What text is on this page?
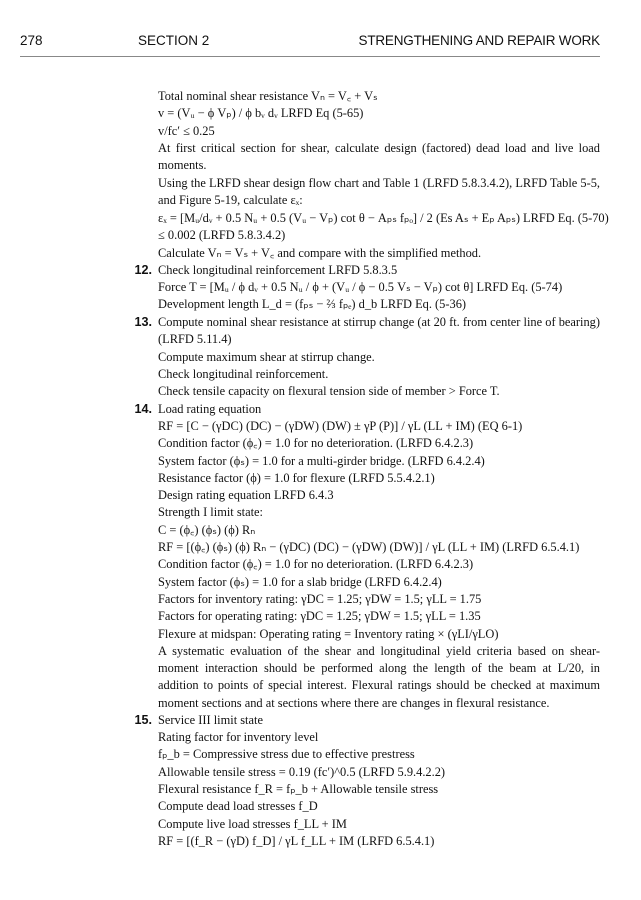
278	SECTION 2	STRENGTHENING AND REPAIR WORK
Total nominal shear resistance Vₙ = V꜀ + Vₛ
v = (Vᵤ − ϕ Vₚ) / ϕ bᵥ dᵥ LRFD Eq (5-65)
v/fc′ ≤ 0.25
At first critical section for shear, calculate design (factored) dead load and live load moments.
Using the LRFD shear design flow chart and Table 1 (LRFD 5.8.3.4.2), LRFD Table 5-5, and Figure 5-19, calculate εₓ:
εₓ = [Mᵤ/dᵥ + 0.5 Nᵤ + 0.5 (Vᵤ − Vₚ) cot θ − Aₚₛ fₚₒ] / 2 (Es Aₛ + Eₚ Aₚₛ) LRFD Eq. (5-70)
≤ 0.002 (LRFD 5.8.3.4.2)
Calculate Vₙ = Vₛ + V꜀ and compare with the simplified method.
12. Check longitudinal reinforcement LRFD 5.8.3.5
Force T = [Mᵤ / ϕ dᵥ + 0.5 Nᵤ / ϕ + (Vᵤ / ϕ − 0.5 Vₛ − Vₚ) cot θ] LRFD Eq. (5-74)
Development length L_d = (fₚₛ − ⅔ fₚₑ) d_b LRFD Eq. (5-36)
13. Compute nominal shear resistance at stirrup change (at 20 ft. from center line of bearing) (LRFD 5.11.4)
Compute maximum shear at stirrup change.
Check longitudinal reinforcement.
Check tensile capacity on flexural tension side of member > Force T.
14. Load rating equation
RF = [C − (γDC) (DC) − (γDW) (DW) ± γP (P)] / γL (LL + IM) (EQ 6-1)
Condition factor (ϕ꜀) = 1.0 for no deterioration. (LRFD 6.4.2.3)
System factor (ϕₛ) = 1.0 for a multi-girder bridge. (LRFD 6.4.2.4)
Resistance factor (ϕ) = 1.0 for flexure (LRFD 5.5.4.2.1)
Design rating equation LRFD 6.4.3
Strength I limit state:
C = (ϕ꜀) (ϕₛ) (ϕ) Rₙ
RF = [(ϕ꜀) (ϕₛ) (ϕ) Rₙ − (γDC) (DC) − (γDW) (DW)] / γL (LL + IM) (LRFD 6.5.4.1)
Condition factor (ϕ꜀) = 1.0 for no deterioration. (LRFD 6.4.2.3)
System factor (ϕₛ) = 1.0 for a slab bridge (LRFD 6.4.2.4)
Factors for inventory rating: γDC = 1.25; γDW = 1.5; γLL = 1.75
Factors for operating rating: γDC = 1.25; γDW = 1.5; γLL = 1.35
Flexure at midspan: Operating rating = Inventory rating × (γLI/γLO)
A systematic evaluation of the shear and longitudinal yield criteria based on shear-moment interaction should be performed along the length of the beam at L/20, in addition to points of special interest. Flexural ratings should be checked at maximum moment sections and at sections where there are changes in flexural resistance.
15. Service III limit state
Rating factor for inventory level
fₚ_b = Compressive stress due to effective prestress
Allowable tensile stress = 0.19 (fc′)^0.5 (LRFD 5.9.4.2.2)
Flexural resistance f_R = fₚ_b + Allowable tensile stress
Compute dead load stresses f_D
Compute live load stresses f_LL + IM
RF = [(f_R − (γD) f_D] / γL f_LL + IM (LRFD 6.5.4.1)
